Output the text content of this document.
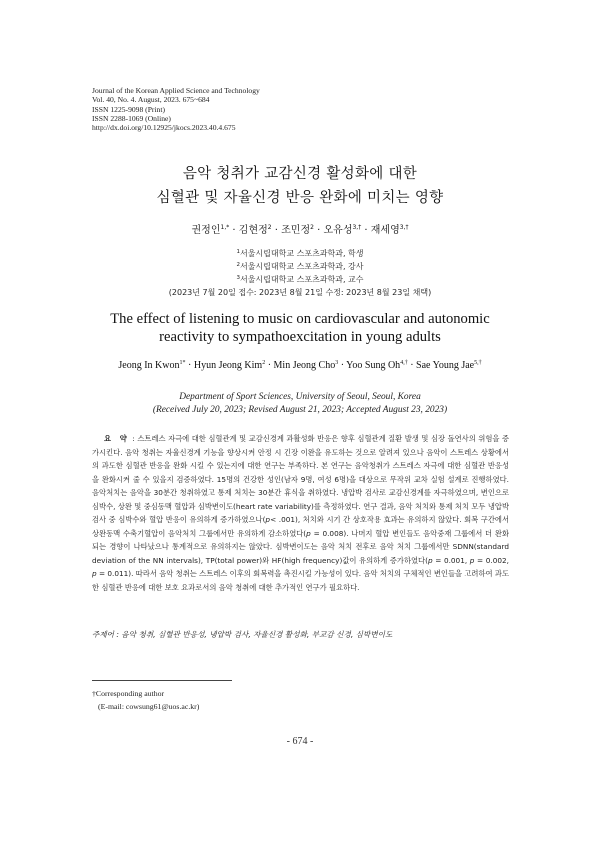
Journal of the Korean Applied Science and Technology
Vol. 40, No. 4. August, 2023. 675~684
ISSN 1225-9098 (Print)
ISSN 2288-1069 (Online)
http://dx.doi.org/10.12925/jkocs.2023.40.4.675
음악 청취가 교감신경 활성화에 대한
심혈관 및 자율신경 반응 완화에 미치는 영향
권정인$^{1,*}$ · 김현정$^2$ · 조민정$^2$ · 오유성$^{3,\dagger}$ · 재세영$^{3,\dagger}$
$^1$서울시립대학교 스포츠과학과, 학생
$^2$서울시립대학교 스포츠과학과, 강사
$^3$서울시립대학교 스포츠과학과, 교수
(2023년 7월 20일 접수: 2023년 8월 21일 수정: 2023년 8월 23일 채택)
The effect of listening to music on cardiovascular and autonomic
reactivity to sympathoexcitation in young adults
Jeong In Kwon$^{1*}$ · Hyun Jeong Kim$^2$ · Min Jeong Cho$^3$ · Yoo Sung $Oh^{4,\dagger}$ · Sae Young Jae$^{5,\dagger}$
Department of Sport Sciences, University of Seoul, Seoul, Korea
(Received July 20, 2023; Revised August 21, 2023; Accepted August 23, 2023)
요 약 : 스트레스 자극에 대한 심혈관계 및 교감신경계 과활성화 반응은 향후 심혈관계 질환 발생 및 심장 돌연사의 위험을 증가시킨다. 음악 청취는 자율신경계 기능을 향상시켜 안정 시 긴장 이완을 유도하는 것으로 알려져 있으나 음악이 스트레스 상황에서의 과도한 심혈관 반응을 완화 시킬 수 있는지에 대한 연구는 부족하다. 본 연구는 음악청취가 스트레스 자극에 대한 심혈관 반응성을 완화시켜 줄 수 있을지 검증하였다. 15명의 건강한 성인(남자 9명, 여성 6명)을 대상으로 무작위 교차 실험 설계로 진행하였다. 음악처치는 음악을 30분간 청취하였고 통제 처치는 30분간 휴식을 취하였다. 냉압박 검사로 교감신경계를 자극하였으며, 변인으로 심박수, 상완 및 중심동맥 혈압과 심박변이도(heart rate variability)를 측정하였다. 연구 결과, 음악 처치와 통제 처치 모두 냉압박 검사 중 심박수와 혈압 반응이 유의하게 증가하였으나(p< .001), 처치와 시기 간 상호작용 효과는 유의하지 않았다. 회복 구간에서 상완동맥 수축기혈압이 음악처치 그룹에서만 유의하게 감소하였다(p = 0.008). 나머지 혈압 변인들도 음악중재 그룹에서 더 완화되는 경향이 나타났으나 통계적으로 유의하지는 않았다. 심박변이도는 음악 처치 전후로 음악 처치 그룹에서만 SDNN(standard deviation of the NN intervals), TP(total power)와 HF(high frequency)값이 유의하게 증가하였다(p = 0.001, p = 0.002, p = 0.011). 따라서 음악 청취는 스트레스 이후의 회복력을 촉진시킬 가능성이 있다. 음악 처치의 구체적인 변인들을 고려하여 과도한 심혈관 반응에 대한 보호 요과로서의 음악 청취에 대한 추가적인 연구가 필요하다.
주제어 : 음악 청취, 심혈관 반응성, 냉압박 검사, 자율신경 활성화, 부교감 신경, 심박변이도
†Corresponding author
(E-mail: cowsung61@uos.ac.kr)
- 674 -
